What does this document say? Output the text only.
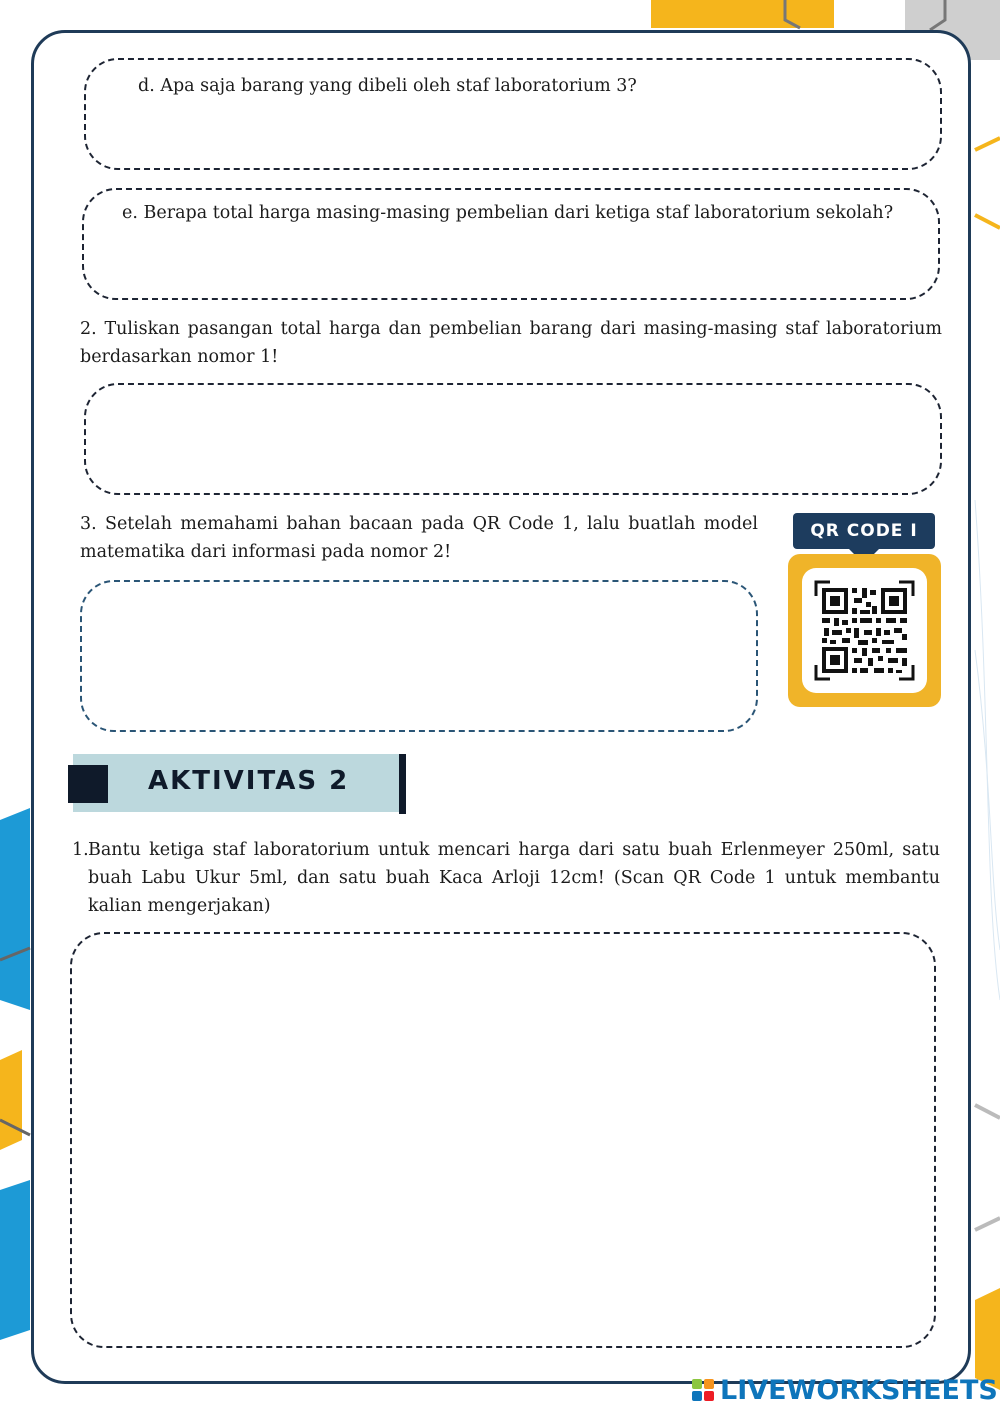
d. Apa saja barang yang dibeli oleh staf laboratorium 3?
e. Berapa total harga masing-masing pembelian dari ketiga staf laboratorium sekolah?
2. Tuliskan pasangan total harga dan pembelian barang dari masing-masing staf laboratorium berdasarkan nomor 1!
3. Setelah memahami bahan bacaan pada QR Code 1, lalu buatlah model matematika dari informasi pada nomor 2!
QR CODE I
AKTIVITAS 2
1. Bantu ketiga staf laboratorium untuk mencari harga dari satu buah Erlenmeyer 250ml, satu buah Labu Ukur 5ml, dan satu buah Kaca Arloji 12cm! (Scan QR Code 1 untuk membantu kalian mengerjakan)
LIVEWORKSHEETS
